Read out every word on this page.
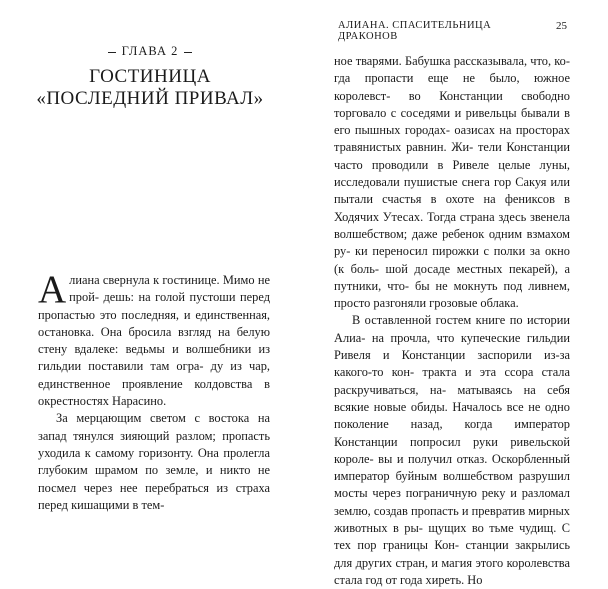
ГЛАВА 2
ГОСТИНИЦА
«ПОСЛЕДНИЙ ПРИВАЛ»

Алиана свернула к гостинице. Мимо не прой- дешь: на голой пустоши перед пропастью это последняя, и единственная, остановка. Она бросила взгляд на белую стену вдалеке: ведьмы и волшебники из гильдии поставили там огра- ду из чар, единственное проявление колдовства в окрестностях Нарасино.

За мерцающим светом с востока на запад тянулся зияющий разлом; пропасть уходила к самому горизонту. Она пролегла глубоким шрамом по земле, и никто не посмел через нее перебраться из страха перед кишащими в тем-

АЛИАНА. СПАСИТЕЛЬНИЦА ДРАКОНОВ
25

ное тварями. Бабушка рассказывала, что, ко- гда пропасти еще не было, южное королевст- во Констанции свободно торговало с соседями и ривельцы бывали в его пышных городах- оазисах на просторах травянистых равнин. Жи- тели Констанции часто проводили в Ривеле целые луны, исследовали пушистые снега гор Сакуя или пытали счастья в охоте на фениксов в Ходячих Утесах. Тогда страна здесь звенела волшебством; даже ребенок одним взмахом ру- ки переносил пирожки с полки за окно (к боль- шой досаде местных пекарей), а путники, что- бы не мокнуть под ливнем, просто разгоняли грозовые облака.

В оставленной гостем книге по истории Алиа- на прочла, что купеческие гильдии Ривеля и Констанции заспорили из-за какого-то кон- тракта и эта ссора стала раскручиваться, на- матываясь на себя всякие новые обиды. Началось все не одно поколение назад, когда император Констанции попросил руки ривельской короле- вы и получил отказ. Оскорбленный император буйным волшебством разрушил мосты через пограничную реку и разломал землю, создав пропасть и превратив мирных животных в ры- щущих во тьме чудищ. С тех пор границы Кон- станции закрылись для других стран, и магия этого королевства стала год от года хиреть. Но
